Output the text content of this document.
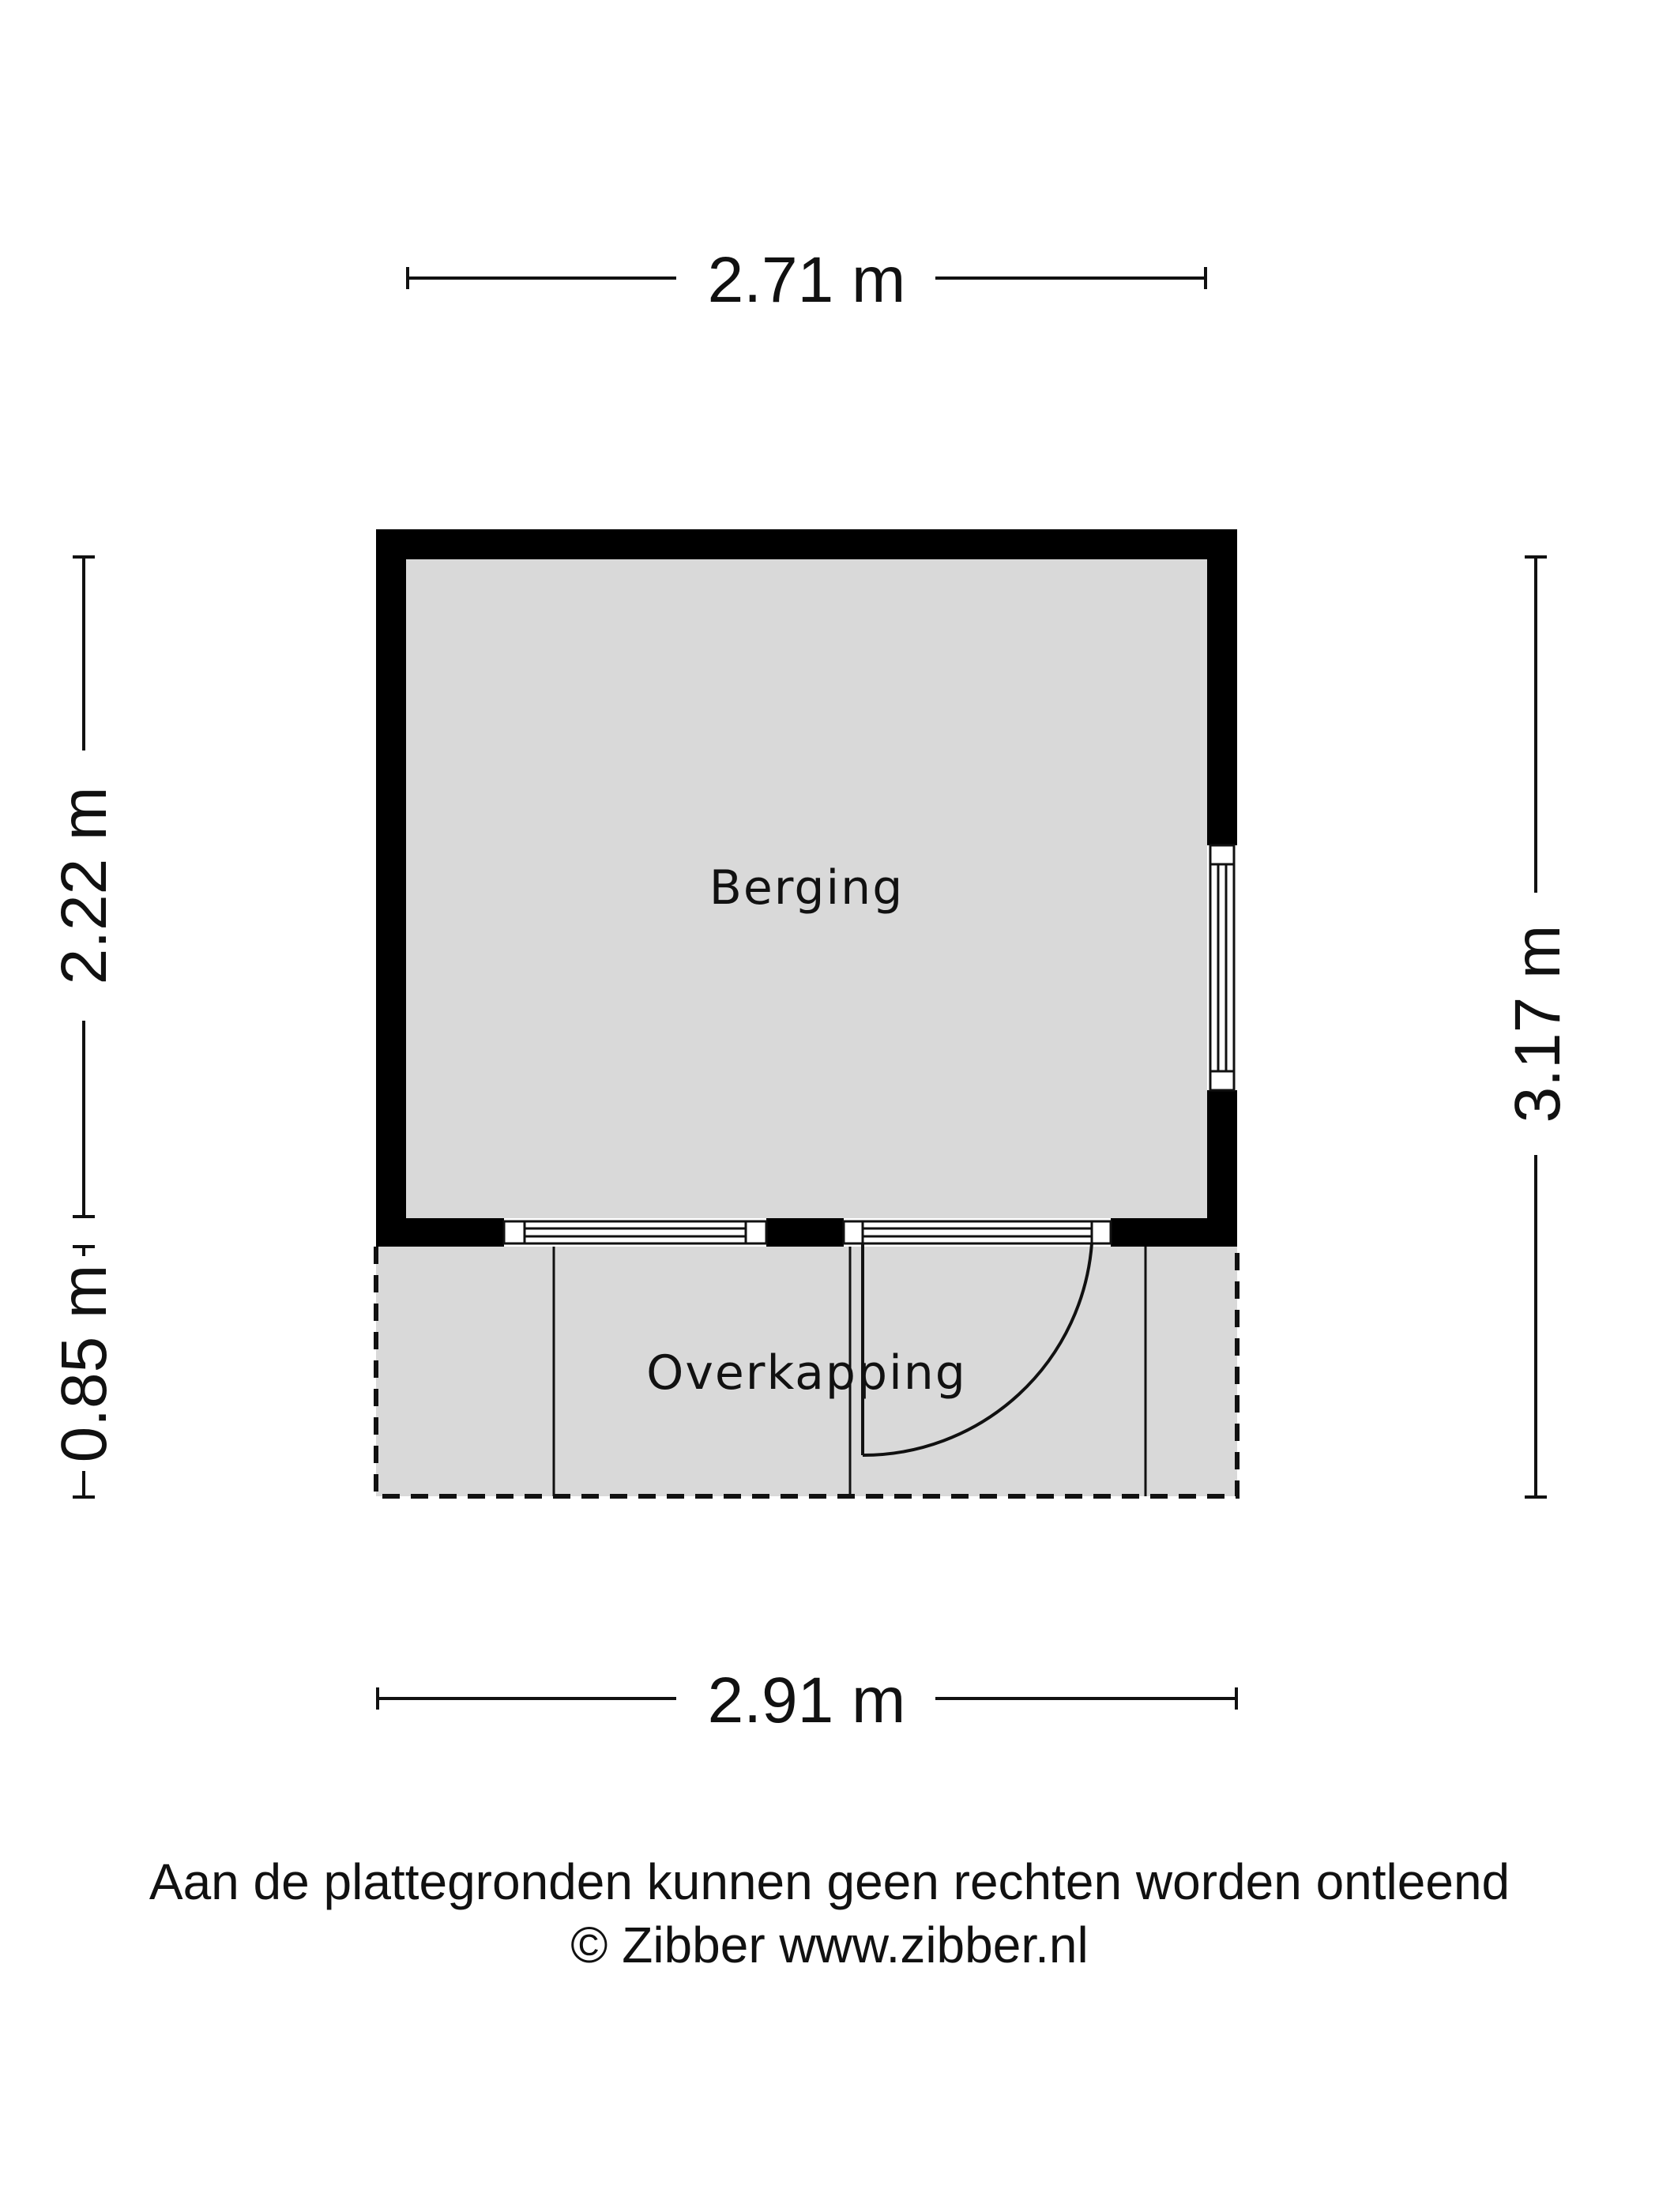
2.71 m
2.91 m
2.22 m
0.85 m
3.17 m
Berging
Overkapping
Aan de plattegronden kunnen geen rechten worden ontleend
© Zibber www.zibber.nl
